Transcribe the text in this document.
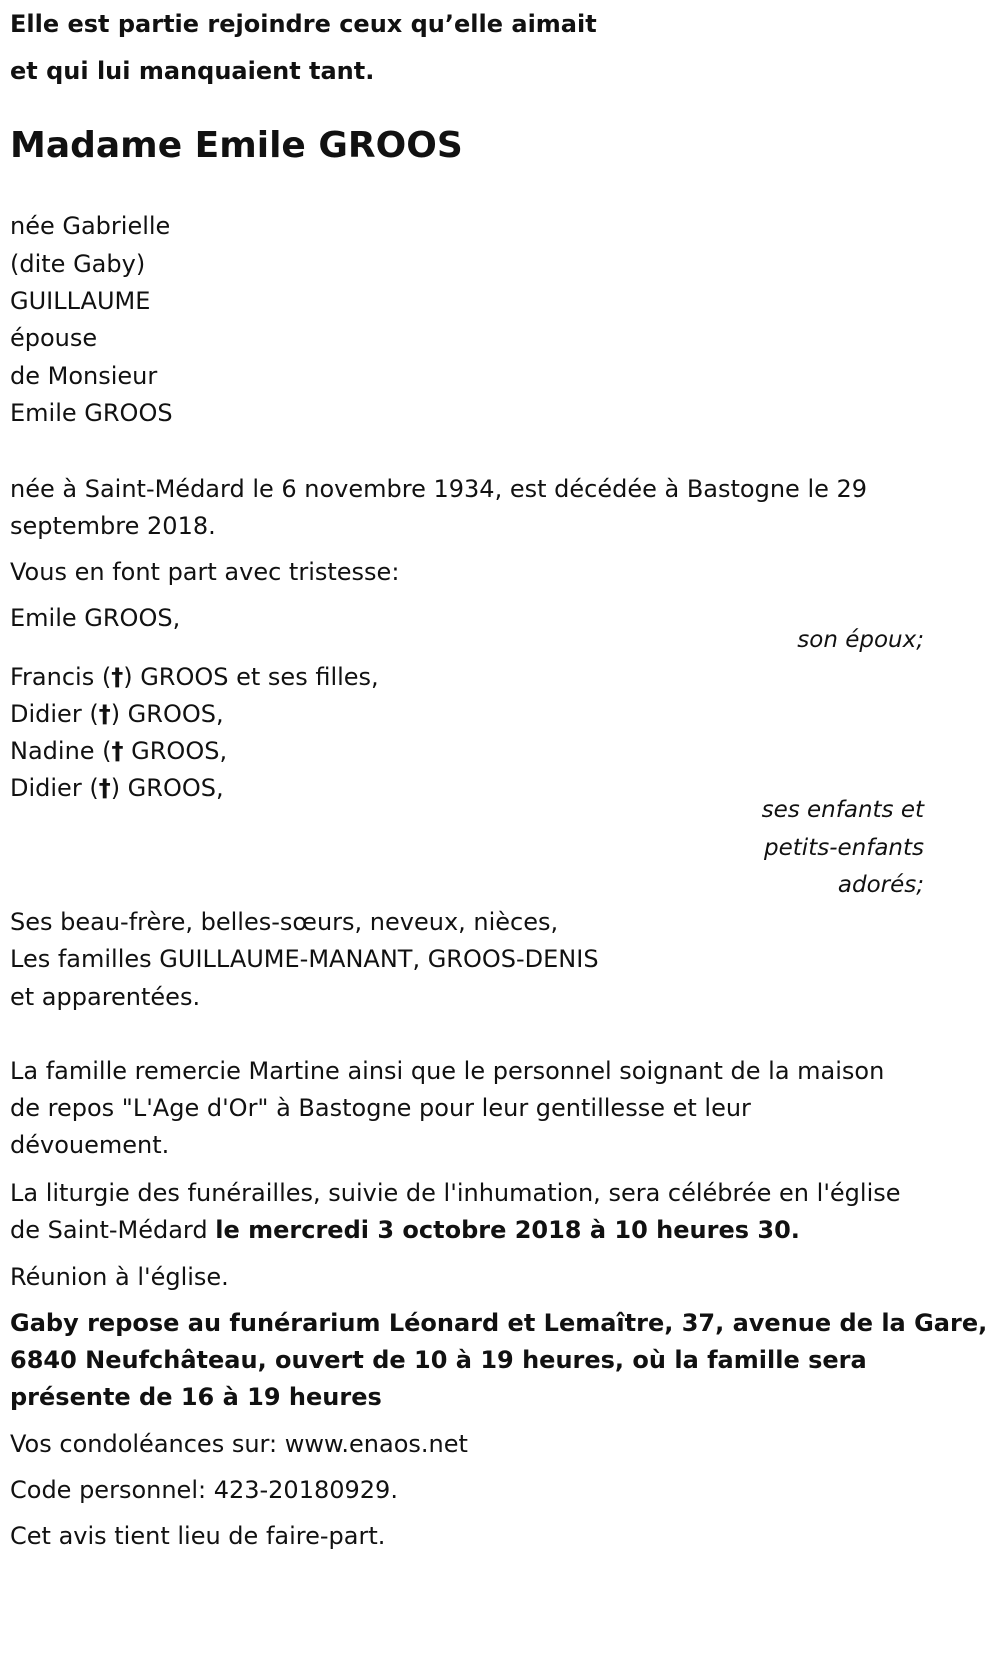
Elle est partie rejoindre ceux qu’elle aimait
et qui lui manquaient tant.
Madame Emile GROOS
née Gabrielle
(dite Gaby)
GUILLAUME
épouse
de Monsieur
Emile GROOS
née à Saint-Médard le 6 novembre 1934, est décédée à Bastogne le 29
septembre 2018.
Vous en font part avec tristesse:
Emile GROOS,
son époux;
Francis (†) GROOS et ses filles,
Didier (†) GROOS,
Nadine († GROOS,
Didier (†) GROOS,
ses enfants et
petits-enfants
adorés;
Ses beau-frère, belles-sœurs, neveux, nièces,
Les familles GUILLAUME-MANANT, GROOS-DENIS
et apparentées.
La famille remercie Martine ainsi que le personnel soignant de la maison
de repos "L'Age d'Or" à Bastogne pour leur gentillesse et leur
dévouement.
La liturgie des funérailles, suivie de l'inhumation, sera célébrée en l'église
de Saint-Médard le mercredi 3 octobre 2018 à 10 heures 30.
Réunion à l'église.
Gaby repose au funérarium Léonard et Lemaître, 37, avenue de la Gare,
6840 Neufchâteau, ouvert de 10 à 19 heures, où la famille sera
présente de 16 à 19 heures
Vos condoléances sur: www.enaos.net
Code personnel: 423-20180929.
Cet avis tient lieu de faire-part.
